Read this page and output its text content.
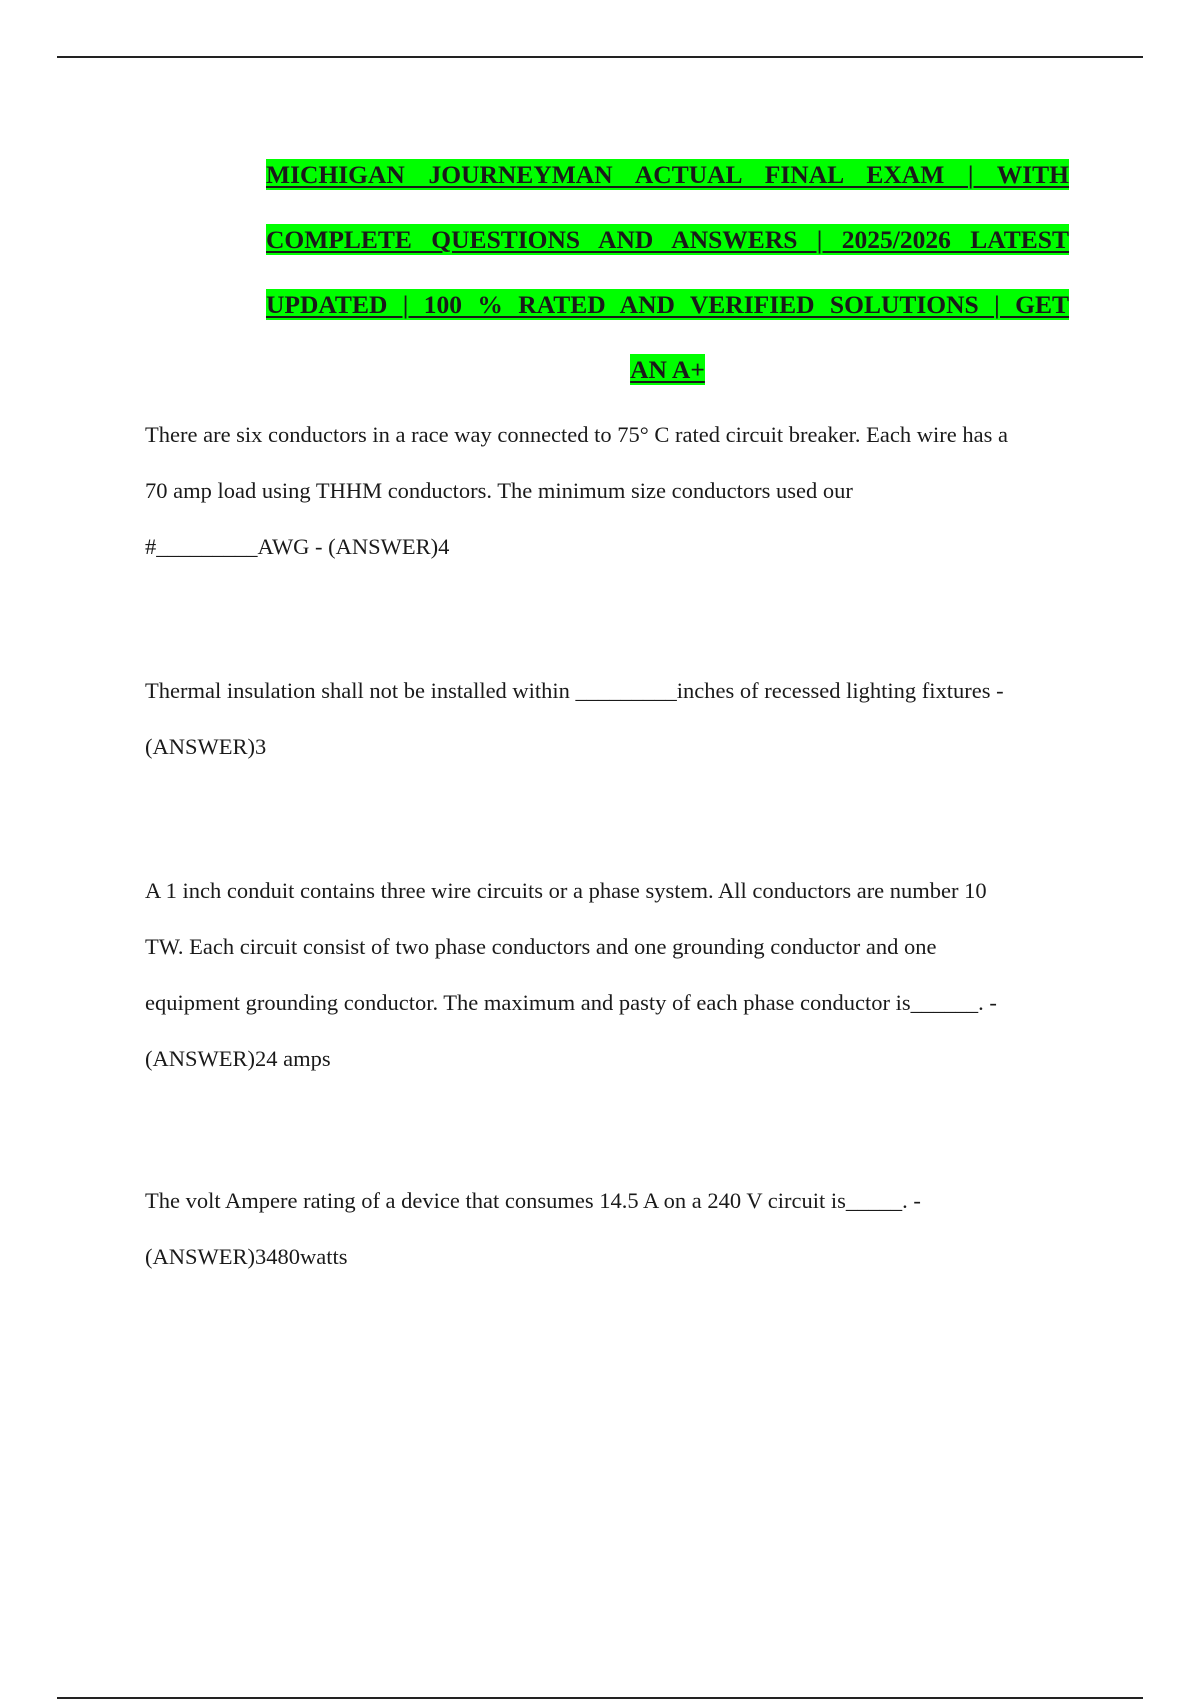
MICHIGAN JOURNEYMAN ACTUAL FINAL EXAM | WITH
COMPLETE QUESTIONS AND ANSWERS | 2025/2026 LATEST
UPDATED | 100 % RATED AND VERIFIED SOLUTIONS | GET
AN A+

There are six conductors in a race way connected to 75° C rated circuit breaker. Each wire has a
70 amp load using THHM conductors. The minimum size conductors used our
#_________AWG - (ANSWER)4

Thermal insulation shall not be installed within _________inches of recessed lighting fixtures -
(ANSWER)3

A 1 inch conduit contains three wire circuits or a phase system. All conductors are number 10
TW. Each circuit consist of two phase conductors and one grounding conductor and one
equipment grounding conductor. The maximum and pasty of each phase conductor is______. -
(ANSWER)24 amps

The volt Ampere rating of a device that consumes 14.5 A on a 240 V circuit is_____. -
(ANSWER)3480watts
